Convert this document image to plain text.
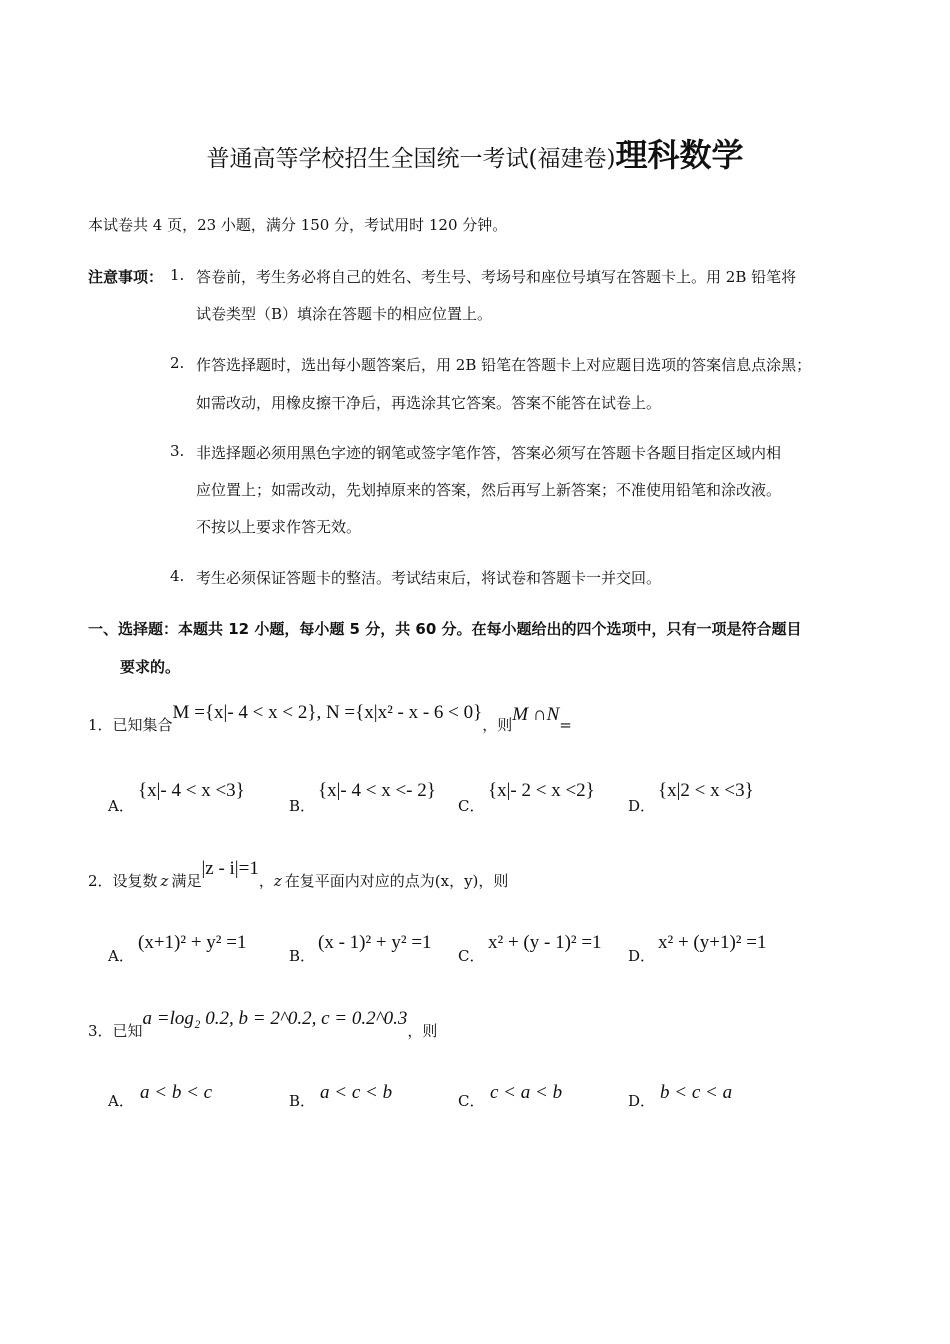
普通高等学校招生全国统一考试(福建卷)理科数学
本试卷共 4 页，23 小题，满分 150 分，考试用时 120 分钟。
注意事项： 1. 答卷前，考生务必将自己的姓名、考生号、考场号和座位号填写在答题卡上。用 2B 铅笔将
试卷类型（B）填涂在答题卡的相应位置上。
2. 作答选择题时，选出每小题答案后，用 2B 铅笔在答题卡上对应题目选项的答案信息点涂黑；
如需改动，用橡皮擦干净后，再选涂其它答案。答案不能答在试卷上。
3. 非选择题必须用黑色字迹的钢笔或签字笔作答，答案必须写在答题卡各题目指定区域内相
应位置上；如需改动，先划掉原来的答案，然后再写上新答案；不准使用铅笔和涂改液。
不按以上要求作答无效。
4. 考生必须保证答题卡的整洁。考试结束后，将试卷和答题卡一并交回。
一、选择题：本题共 12 小题，每小题 5 分，共 60 分。在每小题给出的四个选项中，只有一项是符合题目
要求的。
1．已知集合M ={x|- 4 < x < 2}, N ={x|x² - x - 6 < 0}，则M ∩N=
A．
{x|- 4 < x <3}
B．
{x|- 4 < x <- 2}
C．
{x|- 2 < x <2}
D．
{x|2 < x <3}
2．设复数 z 满足|z - i|=1，z 在复平面内对应的点为(x，y)，则
A．
(x+1)² + y² =1
B．
(x - 1)² + y² =1
C．
x² + (y - 1)² =1
D．
x² + (y+1)² =1
3．已知a =log₂ 0.2, b = 2^0.2, c = 0.2^0.3，则
A． a < b < c	B． a < c < b	C． c < a < b	D． b < c < a
